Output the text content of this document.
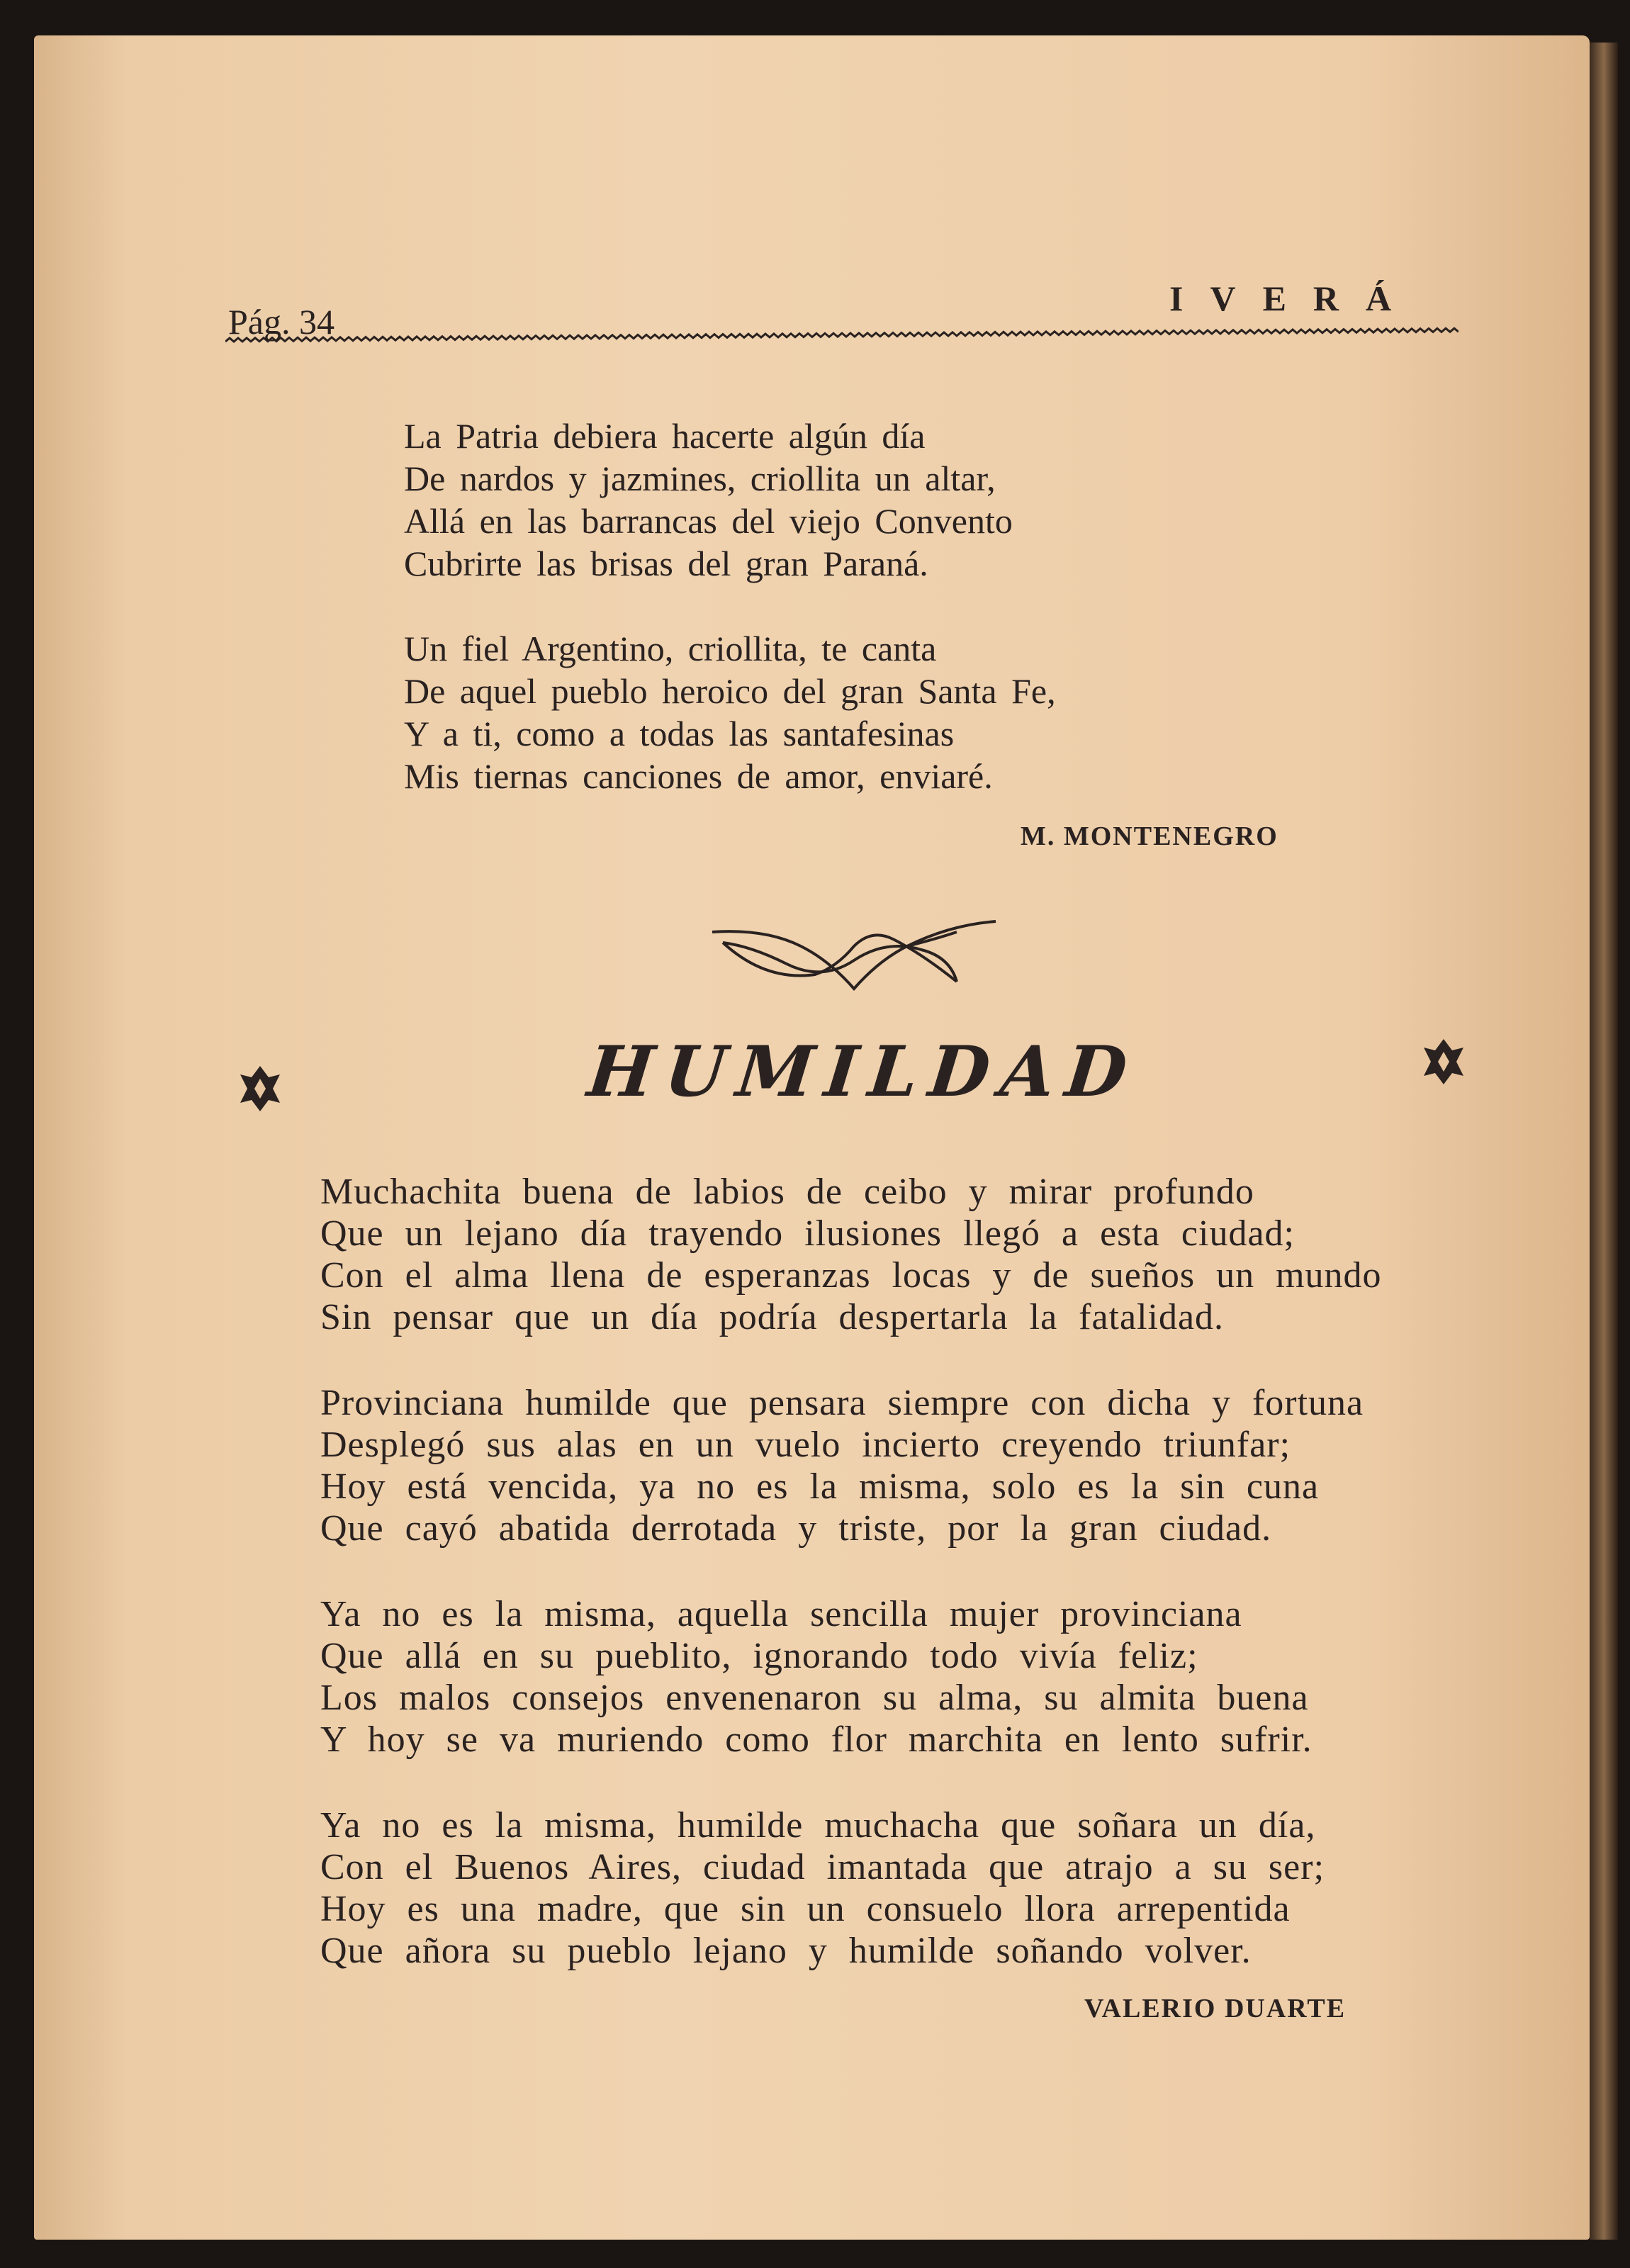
Pág. 34
IVERÁ
La Patria debiera hacerte algún día
De nardos y jazmines, criollita un altar,
Allá en las barrancas del viejo Convento
Cubrirte las brisas del gran Paraná.
Un fiel Argentino, criollita, te canta
De aquel pueblo heroico del gran Santa Fe,
Y a ti, como a todas las santafesinas
Mis tiernas canciones de amor, enviaré.
M. MONTENEGRO
HUMILDAD
Muchachita buena de labios de ceibo y mirar profundo
Que un lejano día trayendo ilusiones llegó a esta ciudad;
Con el alma llena de esperanzas locas y de sueños un mundo
Sin pensar que un día podría despertarla la fatalidad.
Provinciana humilde que pensara siempre con dicha y fortuna
Desplegó sus alas en un vuelo incierto creyendo triunfar;
Hoy está vencida, ya no es la misma, solo es la sin cuna
Que cayó abatida derrotada y triste, por la gran ciudad.
Ya no es la misma, aquella sencilla mujer provinciana
Que allá en su pueblito, ignorando todo vivía feliz;
Los malos consejos envenenaron su alma, su almita buena
Y hoy se va muriendo como flor marchita en lento sufrir.
Ya no es la misma, humilde muchacha que soñara un día,
Con el Buenos Aires, ciudad imantada que atrajo a su ser;
Hoy es una madre, que sin un consuelo llora arrepentida
Que añora su pueblo lejano y humilde soñando volver.
VALERIO DUARTE
